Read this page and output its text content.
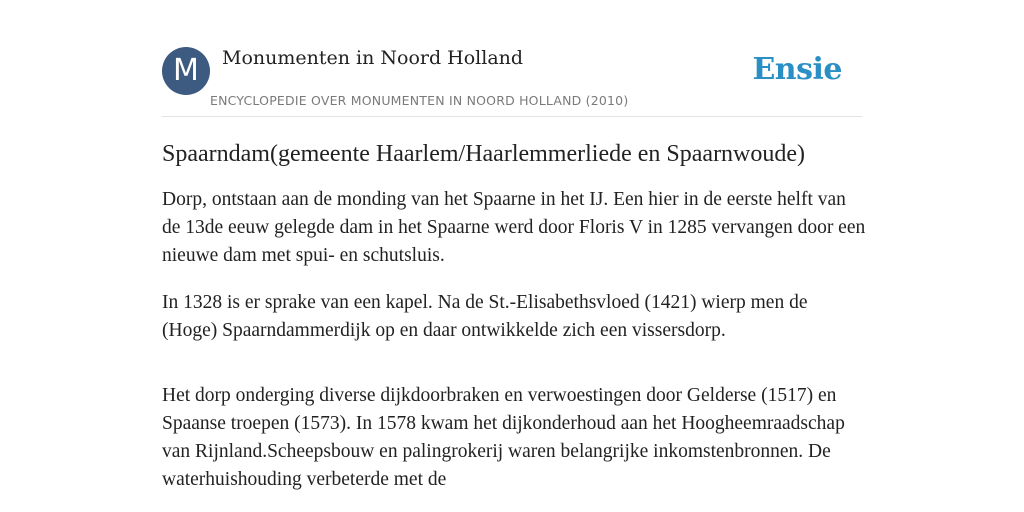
M	Monumenten in Noord Holland
ENCYCLOPEDIE OVER MONUMENTEN IN NOORD HOLLAND (2010)
Ensie
Spaarndam(gemeente Haarlem/Haarlemmerliede en Spaarnwoude)

Dorp, ontstaan aan de monding van het Spaarne in het IJ. Een hier in de eerste helft van de 13de eeuw gelegde dam in het Spaarne werd door Floris V in 1285 vervangen door een nieuwe dam met spui- en schutsluis.

In 1328 is er sprake van een kapel. Na de St.-Elisabethsvloed (1421) wierp men de (Hoge) Spaarndammerdijk op en daar ontwikkelde zich een vissersdorp.

Het dorp onderging diverse dijkdoorbraken en verwoestingen door Gelderse (1517) en Spaanse troepen (1573). In 1578 kwam het dijkonderhoud aan het Hoogheemraadschap van Rijnland.Scheepsbouw en palingrokerij waren belangrijke inkomstenbronnen. De waterhuishouding verbeterde met de
